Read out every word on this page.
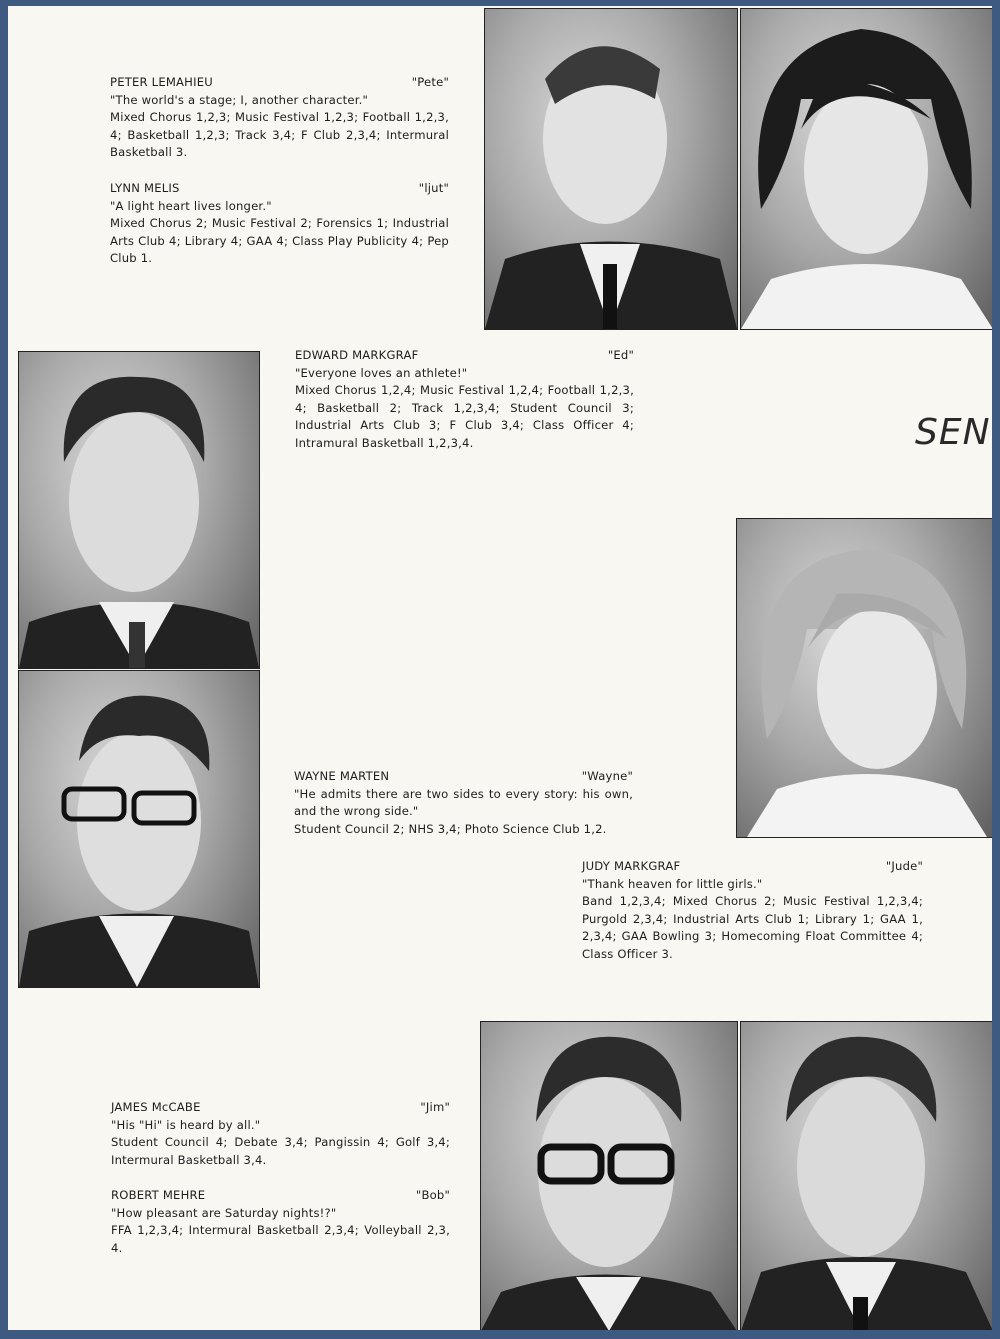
SEN
PETER LEMAHIEU	"Pete"
"The world's a stage; I, another character."
Mixed Chorus 1,2,3; Music Festival 1,2,3; Football 1,2,3, 4; Basketball 1,2,3; Track 3,4; F Club 2,3,4; Intermural Basketball 3.
LYNN MELIS	"ljut"
"A light heart lives longer."
Mixed Chorus 2; Music Festival 2; Forensics 1; Industrial Arts Club 4; Library 4; GAA 4; Class Play Publicity 4; Pep Club 1.
EDWARD MARKGRAF	"Ed"
"Everyone loves an athlete!"
Mixed Chorus 1,2,4; Music Festival 1,2,4; Football 1,2,3, 4; Basketball 2; Track 1,2,3,4; Student Council 3; Industrial Arts Club 3; F Club 3,4; Class Officer 4; Intramural Basketball 1,2,3,4.
WAYNE MARTEN	"Wayne"
"He admits there are two sides to every story: his own, and the wrong side."
Student Council 2; NHS 3,4; Photo Science Club 1,2.
JUDY MARKGRAF	"Jude"
"Thank heaven for little girls."
Band 1,2,3,4; Mixed Chorus 2; Music Festival 1,2,3,4; Purgold 2,3,4; Industrial Arts Club 1; Library 1; GAA 1, 2,3,4; GAA Bowling 3; Homecoming Float Committee 4; Class Officer 3.
JAMES McCABE	"Jim"
"His "Hi" is heard by all."
Student Council 4; Debate 3,4; Pangissin 4; Golf 3,4; Intermural Basketball 3,4.
ROBERT MEHRE	"Bob"
"How pleasant are Saturday nights!?"
FFA 1,2,3,4; Intermural Basketball 2,3,4; Volleyball 2,3, 4.
